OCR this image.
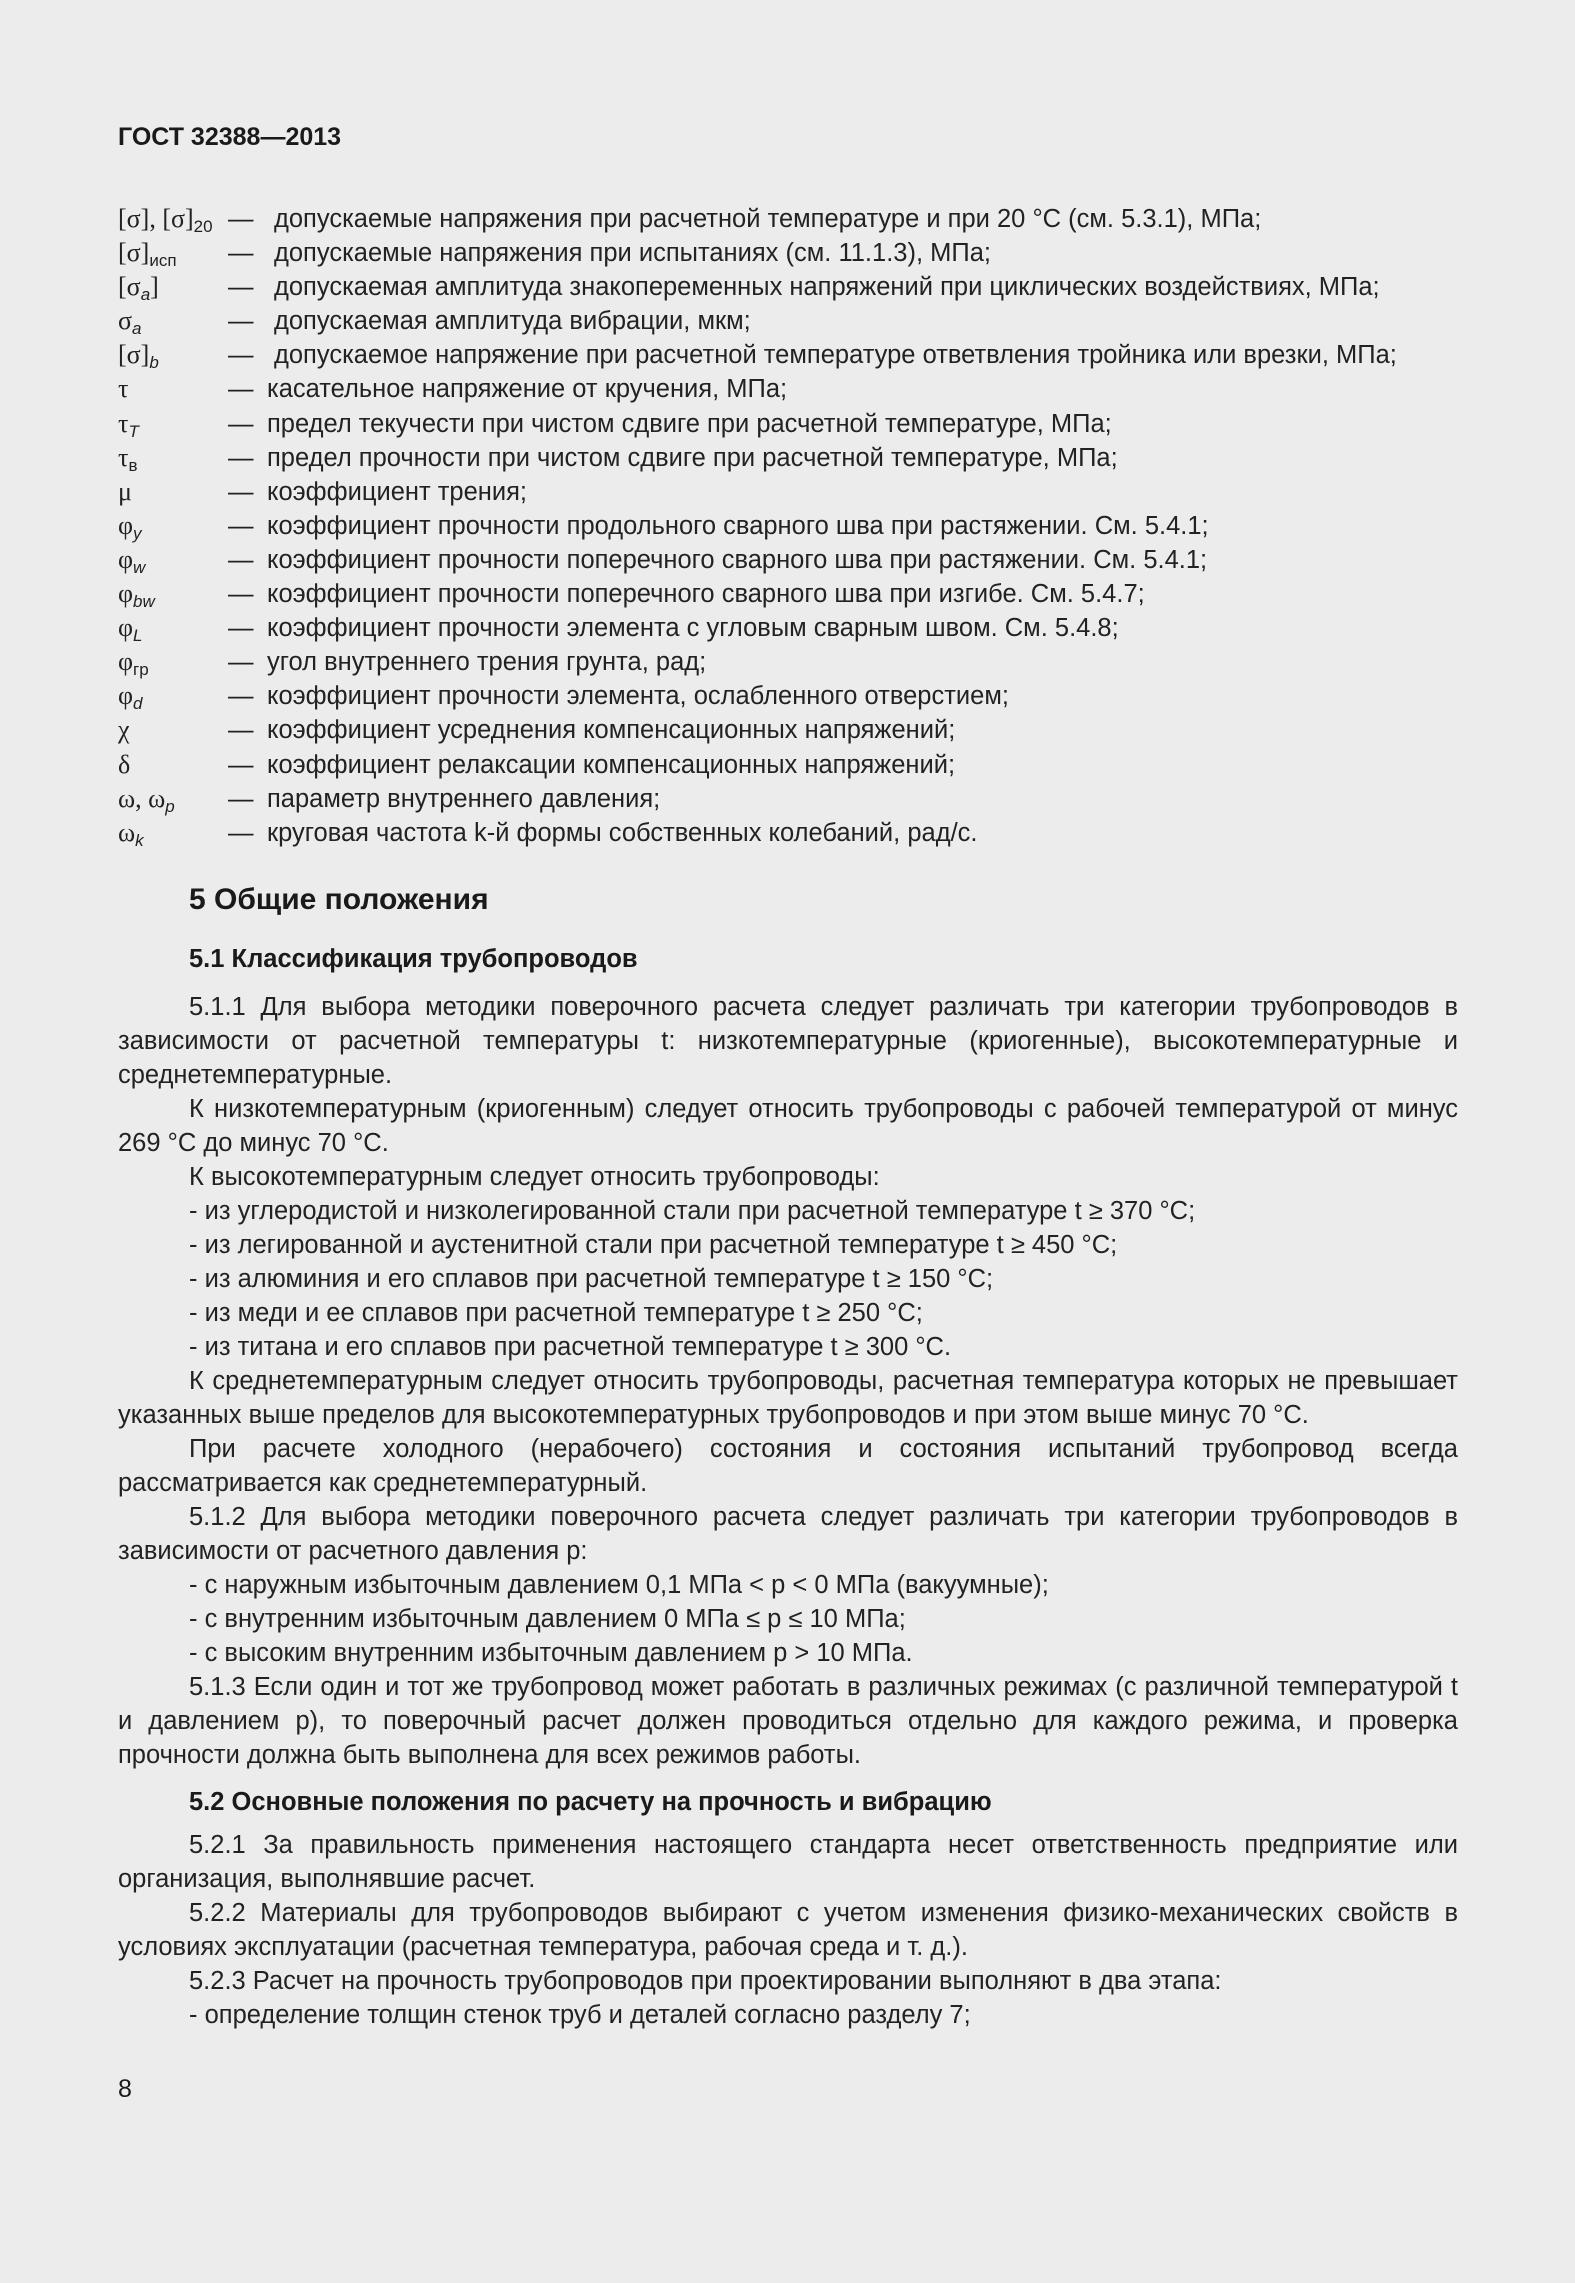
ГОСТ 32388—2013
[σ], $[\sigma]_{20}$ — допускаемые напряжения при расчетной температуре и при 20 °С (см. 5.3.1), МПа;
$[\sigma]_{исп}$ — допускаемые напряжения при испытаниях (см. 11.1.3), МПа;
$[\sigma_a]$	— допускаемая амплитуда знакопеременных напряжений при циклических воздействиях, МПа;
$\sigma_a$	— допускаемая амплитуда вибрации, мкм;
$[\sigma]_b$	— допускаемое напряжение при расчетной температуре ответвления тройника или врезки, МПа;
τ	— касательное напряжение от кручения, МПа;
$\tau_T$	— предел текучести при чистом сдвиге при расчетной температуре, МПа;
$\tau_в$	— предел прочности при чистом сдвиге при расчетной температуре, МПа;
μ	— коэффициент трения;
$\varphi_y$	— коэффициент прочности продольного сварного шва при растяжении. См. 5.4.1;
$\varphi_w$	— коэффициент прочности поперечного сварного шва при растяжении. См. 5.4.1;
$\varphi_{bw}$	— коэффициент прочности поперечного сварного шва при изгибе. См. 5.4.7;
$\varphi_L$	— коэффициент прочности элемента с угловым сварным швом. См. 5.4.8;
$\varphi_{гр}$	— угол внутреннего трения грунта, рад;
$\varphi_d$	— коэффициент прочности элемента, ослабленного отверстием;
χ	— коэффициент усреднения компенсационных напряжений;
δ	— коэффициент релаксации компенсационных напряжений;
ω, $\omega_p$ — параметр внутреннего давления;
$\omega_k$	— круговая частота k-й формы собственных колебаний, рад/с.
5 Общие положения
5.1 Классификация трубопроводов

5.1.1 Для выбора методики поверочного расчета следует различать три категории трубопроводов в зависимости от расчетной температуры t: низкотемпературные (криогенные), высокотемпературные и среднетемпературные.

К низкотемпературным (криогенным) следует относить трубопроводы с рабочей температурой от минус 269 °С до минус 70 °С.

К высокотемпературным следует относить трубопроводы:

- из углеродистой и низколегированной стали при расчетной температуре t ≥ 370 °С;

- из легированной и аустенитной стали при расчетной температуре t ≥ 450 °С;

- из алюминия и его сплавов при расчетной температуре t ≥ 150 °С;

- из меди и ее сплавов при расчетной температуре t ≥ 250 °С;

- из титана и его сплавов при расчетной температуре t ≥ 300 °С.

К среднетемпературным следует относить трубопроводы, расчетная температура которых не превышает указанных выше пределов для высокотемпературных трубопроводов и при этом выше минус 70 °С.

При расчете холодного (нерабочего) состояния и состояния испытаний трубопровод всегда рассматривается как среднетемпературный.

5.1.2 Для выбора методики поверочного расчета следует различать три категории трубопроводов в зависимости от расчетного давления p:

- с наружным избыточным давлением 0,1 МПа < p < 0 МПа (вакуумные);

- с внутренним избыточным давлением 0 МПа ≤ p ≤ 10 МПа;

- с высоким внутренним избыточным давлением p > 10 МПа.

5.1.3 Если один и тот же трубопровод может работать в различных режимах (с различной температурой t и давлением p), то поверочный расчет должен проводиться отдельно для каждого режима, и проверка прочности должна быть выполнена для всех режимов работы.

5.2 Основные положения по расчету на прочность и вибрацию

5.2.1 За правильность применения настоящего стандарта несет ответственность предприятие или организация, выполнявшие расчет.

5.2.2 Материалы для трубопроводов выбирают с учетом изменения физико-механических свойств в условиях эксплуатации (расчетная температура, рабочая среда и т. д.).

5.2.3 Расчет на прочность трубопроводов при проектировании выполняют в два этапа:

- определение толщин стенок труб и деталей согласно разделу 7;

8
